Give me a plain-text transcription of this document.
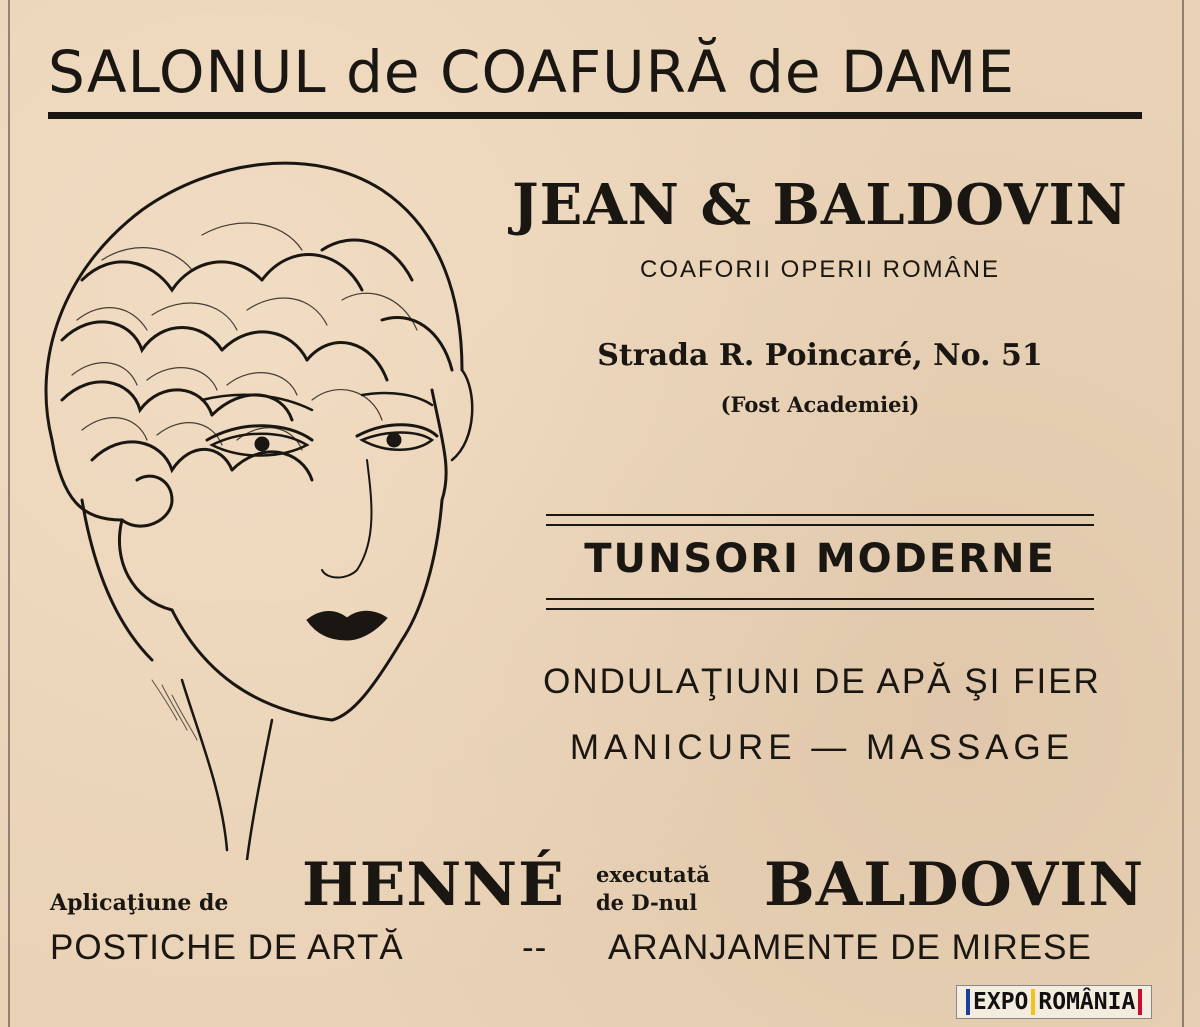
SALONUL de COAFURĂ de DAME
JEAN & BALDOVIN
COAFORII OPERII ROMÂNE
Strada R. Poincaré, No. 51
(Fost Academiei)
TUNSORI MODERNE
ONDULAŢIUNI DE APĂ ŞI FIER
MANICURE — MASSAGE
Aplicaţiune de HENNÉ executată
de D-nul BALDOVIN
POSTICHE DE ARTĂ	-- ARANJAMENTE DE MIRESE
EXPO ROMÂNIA
